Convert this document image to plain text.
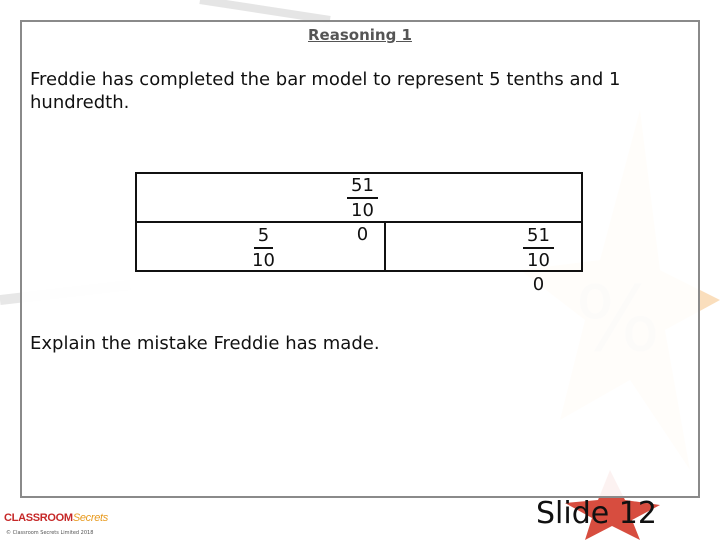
Reasoning 1
Freddie has completed the bar model to represent 5 tenths and 1 hundredth.
51
10
0
$\frac{5}{10}$	51
10
0
Explain the mistake Freddie has made.
CLASSROOMSecrets
© Classroom Secrets Limited 2018
Slide 12
